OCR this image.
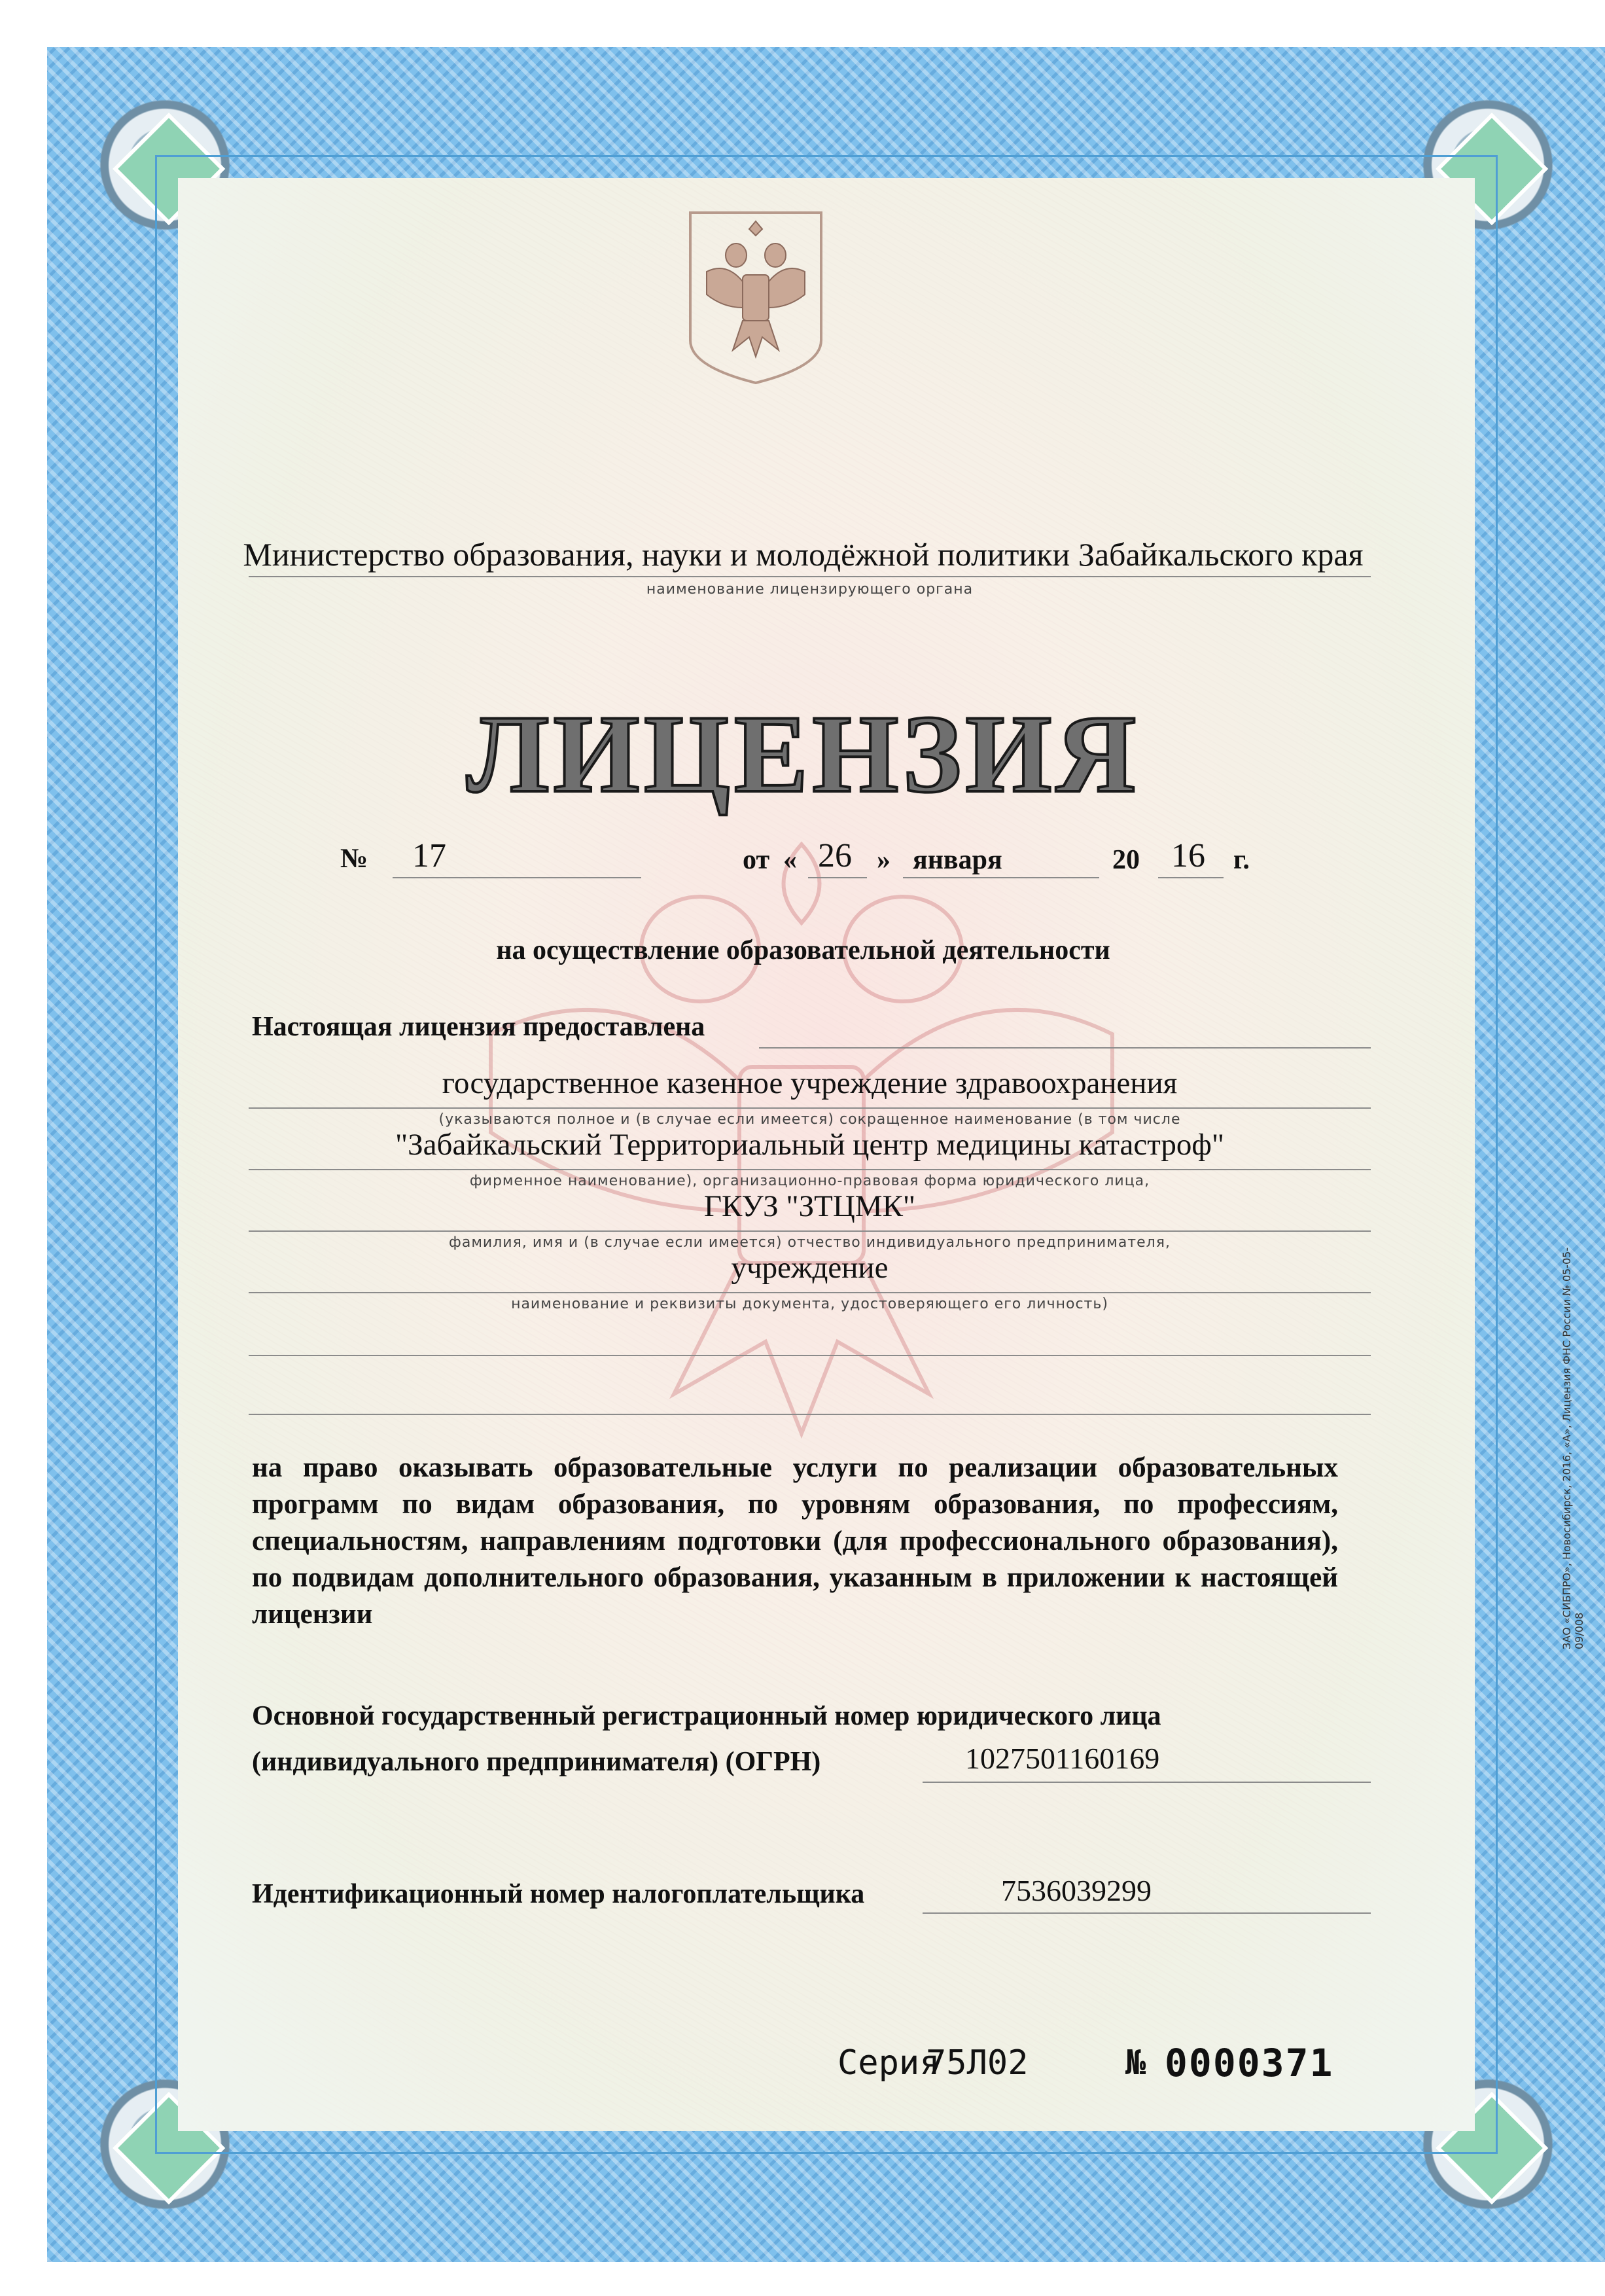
Министерство образования, науки и молодёжной политики Забайкальского края
наименование лицензирующего органа
ЛИЦЕНЗИЯ
№ 17	от « 26 » января	20 16 г.
на осуществление образовательной деятельности
Настоящая лицензия предоставлена
государственное казенное учреждение здравоохранения
(указываются полное и (в случае если имеется) сокращенное наименование (в том числе
"Забайкальский Территориальный центр медицины катастроф"
фирменное наименование), организационно-правовая форма юридического лица,
ГКУЗ "ЗТЦМК"
фамилия, имя и (в случае если имеется) отчество индивидуального предпринимателя,
учреждение
наименование и реквизиты документа, удостоверяющего его личность)
на право оказывать образовательные услуги по реализации образовательных программ по видам образования, по уровням образования, по профессиям, специальностям, направлениям подготовки (для профессионального образования), по подвидам дополнительного образования, указанным в приложении к настоящей лицензии
Основной государственный регистрационный номер юридического лица
(индивидуального предпринимателя) (ОГРН)	1027501160169
Идентификационный номер налогоплательщика	7536039299
Серия
75Л02	№ 0000371
ЗАО «СИБПРО», Новосибирск, 2016, «А», Лицензия ФНС России № 05-05-09/008
